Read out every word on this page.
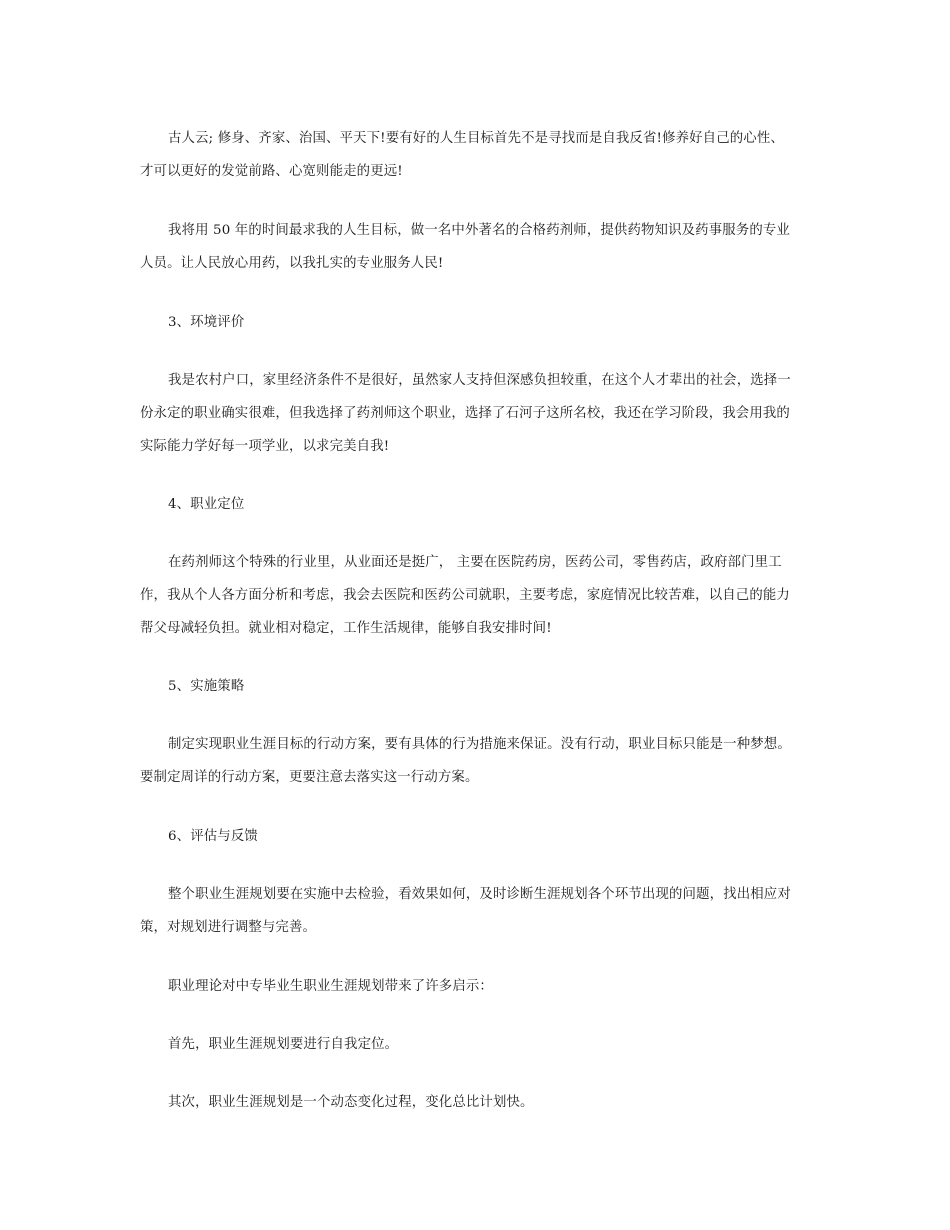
古人云; 修身、齐家、治国、平天下!要有好的人生目标首先不是寻找而是自我反省!修养好自己的心性、
才可以更好的发觉前路、心宽则能走的更远!
我将用 50 年的时间最求我的人生目标，做一名中外著名的合格药剂师，提供药物知识及药事服务的专业
人员。让人民放心用药，以我扎实的专业服务人民!
3、环境评价
我是农村户口，家里经济条件不是很好，虽然家人支持但深感负担较重，在这个人才辈出的社会，选择一
份永定的职业确实很难，但我选择了药剂师这个职业，选择了石河子这所名校，我还在学习阶段，我会用我的
实际能力学好每一项学业，以求完美自我!
4、职业定位
在药剂师这个特殊的行业里，从业面还是挺广， 主要在医院药房，医药公司，零售药店，政府部门里工
作，我从个人各方面分析和考虑，我会去医院和医药公司就职，主要考虑，家庭情况比较苦难，以自己的能力
帮父母减轻负担。就业相对稳定，工作生活规律，能够自我安排时间!
5、实施策略
制定实现职业生涯目标的行动方案，要有具体的行为措施来保证。没有行动，职业目标只能是一种梦想。
要制定周详的行动方案，更要注意去落实这一行动方案。
6、评估与反馈
整个职业生涯规划要在实施中去检验，看效果如何，及时诊断生涯规划各个环节出现的问题，找出相应对
策，对规划进行调整与完善。
职业理论对中专毕业生职业生涯规划带来了许多启示：
首先，职业生涯规划要进行自我定位。
其次，职业生涯规划是一个动态变化过程，变化总比计划快。
